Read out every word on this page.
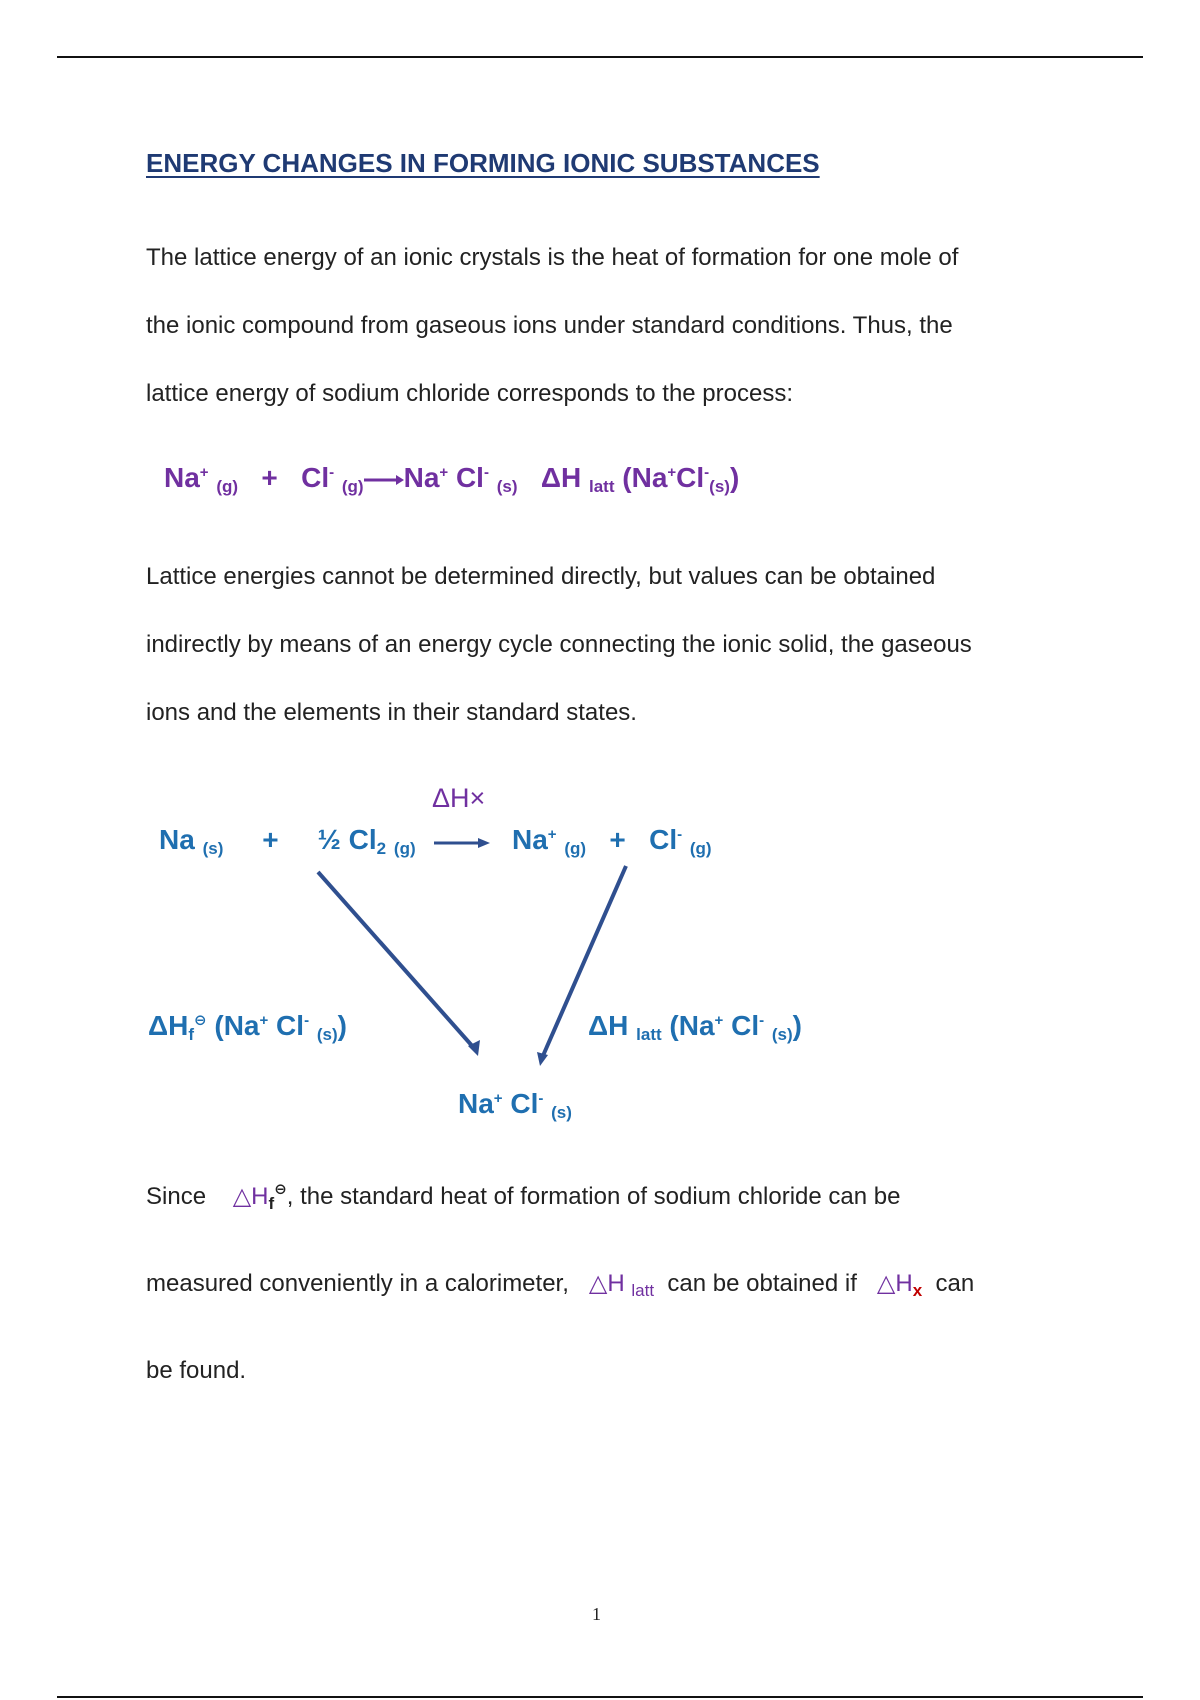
ENERGY CHANGES IN FORMING IONIC SUBSTANCES
The lattice energy of an ionic crystals is the heat of formation for one mole of
the ionic compound from gaseous ions under standard conditions. Thus, the
lattice energy of sodium chloride corresponds to the process:
Na+ $_{(g)}$ + Cl- $_{(g)}$→Na+ Cl- $_{(s)}$ ΔH $_{latt}$ $(Na^+Cl^-_{(s)})$
Lattice energies cannot be determined directly, but values can be obtained
indirectly by means of an energy cycle connecting the ionic solid, the gaseous
ions and the elements in their standard states.
ΔH×
Na $_{(s)}$ + ½ $Cl_2$ $_{(g)}$	Na+ $_{(g)}$ + Cl- $_{(g)}$
$\Delta H_f^⊖$ (Na+ Cl- $_{(s)}$)	ΔH $_{latt}$ (Na+ Cl- $_{(s)}$)
Na+ Cl- $_{(s)}$
Since $\triangle H_f^⊖$, the standard heat of formation of sodium chloride can be
measured conveniently in a calorimeter, △H $_{latt}$ can be obtained if $\triangle H_x$ can
be found.
1
